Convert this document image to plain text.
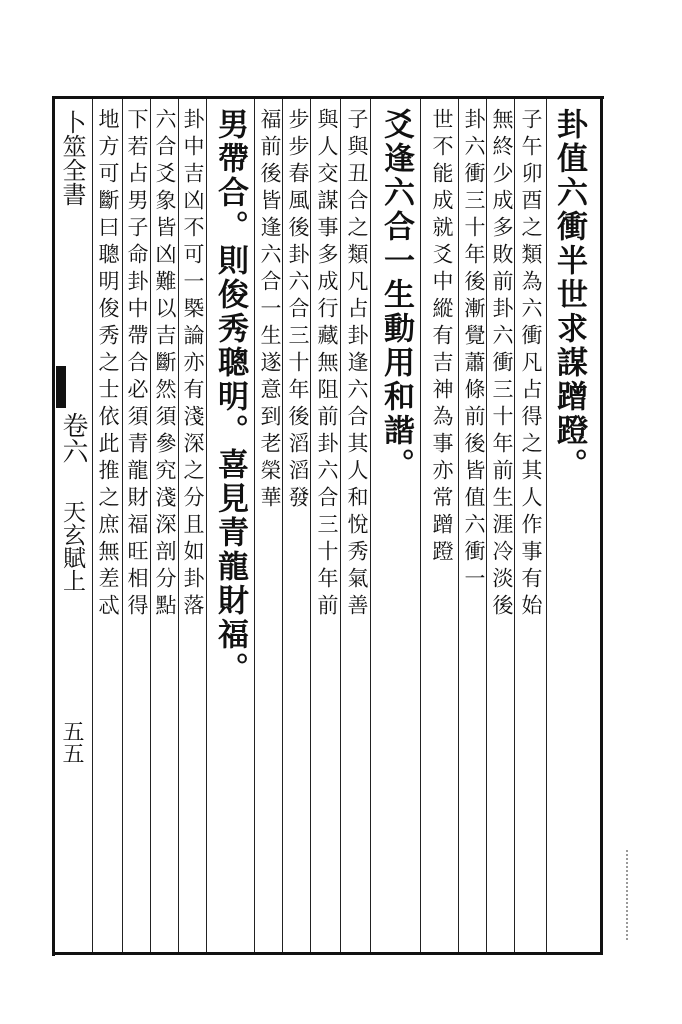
卦值六衝半世求謀蹭蹬。
子午卯酉之類為六衝凡占得之其人作事有始
無終少成多敗前卦六衝三十年前生涯冷淡後
卦六衝三十年後漸覺蕭條前後皆值六衝一
世不能成就爻中縱有吉神為事亦常蹭蹬
爻逢六合一生動用和諧。
子與丑合之類凡占卦逢六合其人和悅秀氣善
與人交謀事多成行藏無阻前卦六合三十年前
步步春風後卦六合三十年後滔滔發
福前後皆逢六合一生遂意到老榮華
男帶合。則俊秀聰明。喜見青龍財福。
卦中吉凶不可一槩論亦有淺深之分且如卦落
六合爻象皆凶難以吉斷然須參究淺深剖分點
下若占男子命卦中帶合必須青龍財福旺相得
地方可斷曰聰明俊秀之士依此推之庶無差忒
卜筮全書
卷六
天玄賦上
五五
